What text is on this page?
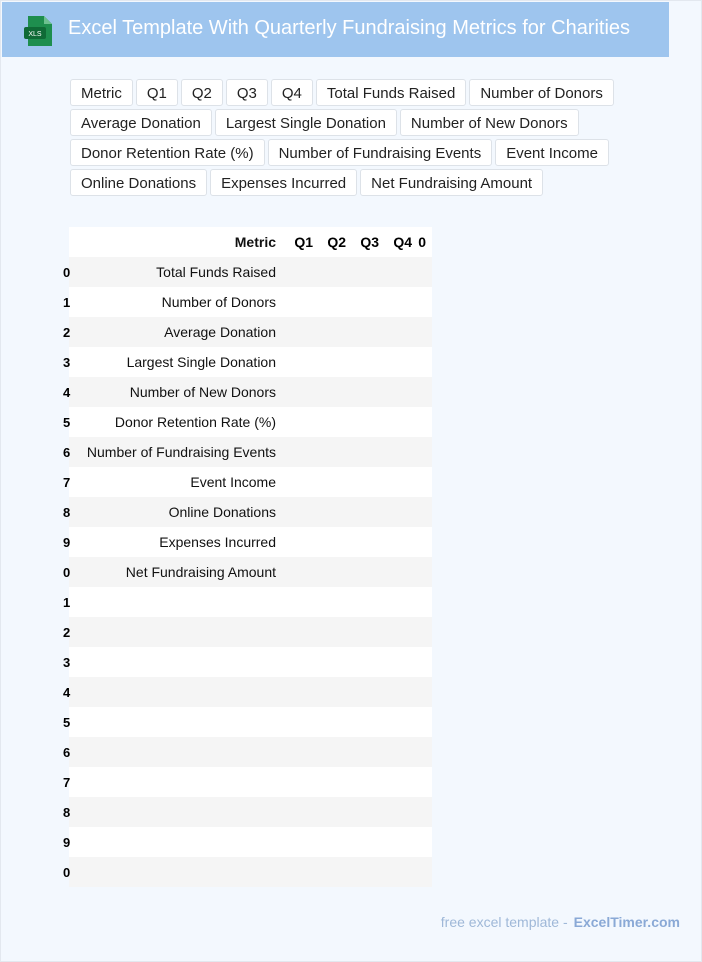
XLS Excel Template With Quarterly Fundraising Metrics for Charities
Metric	Q1	Q2	Q3	Q4	Total Funds Raised	Number of Donors
Average Donation	Largest Single Donation	Number of New Donors
Donor Retention Rate (%)	Number of Fundraising Events	Event Income
Online Donations	Expenses Incurred	Net Fundraising Amount
	Metric	Q1	Q2	Q3	Q4	0
0	Total Funds Raised					
1	Number of Donors					
2	Average Donation					
3	Largest Single Donation					
4	Number of New Donors					
5	Donor Retention Rate (%)					
6	Number of Fundraising Events					
7	Event Income					
8	Online Donations					
9	Expenses Incurred					
0	Net Fundraising Amount					
1						
2						
3						
4						
5						
6						
7						
8						
9						
0						
free excel template - ExcelTimer.com
